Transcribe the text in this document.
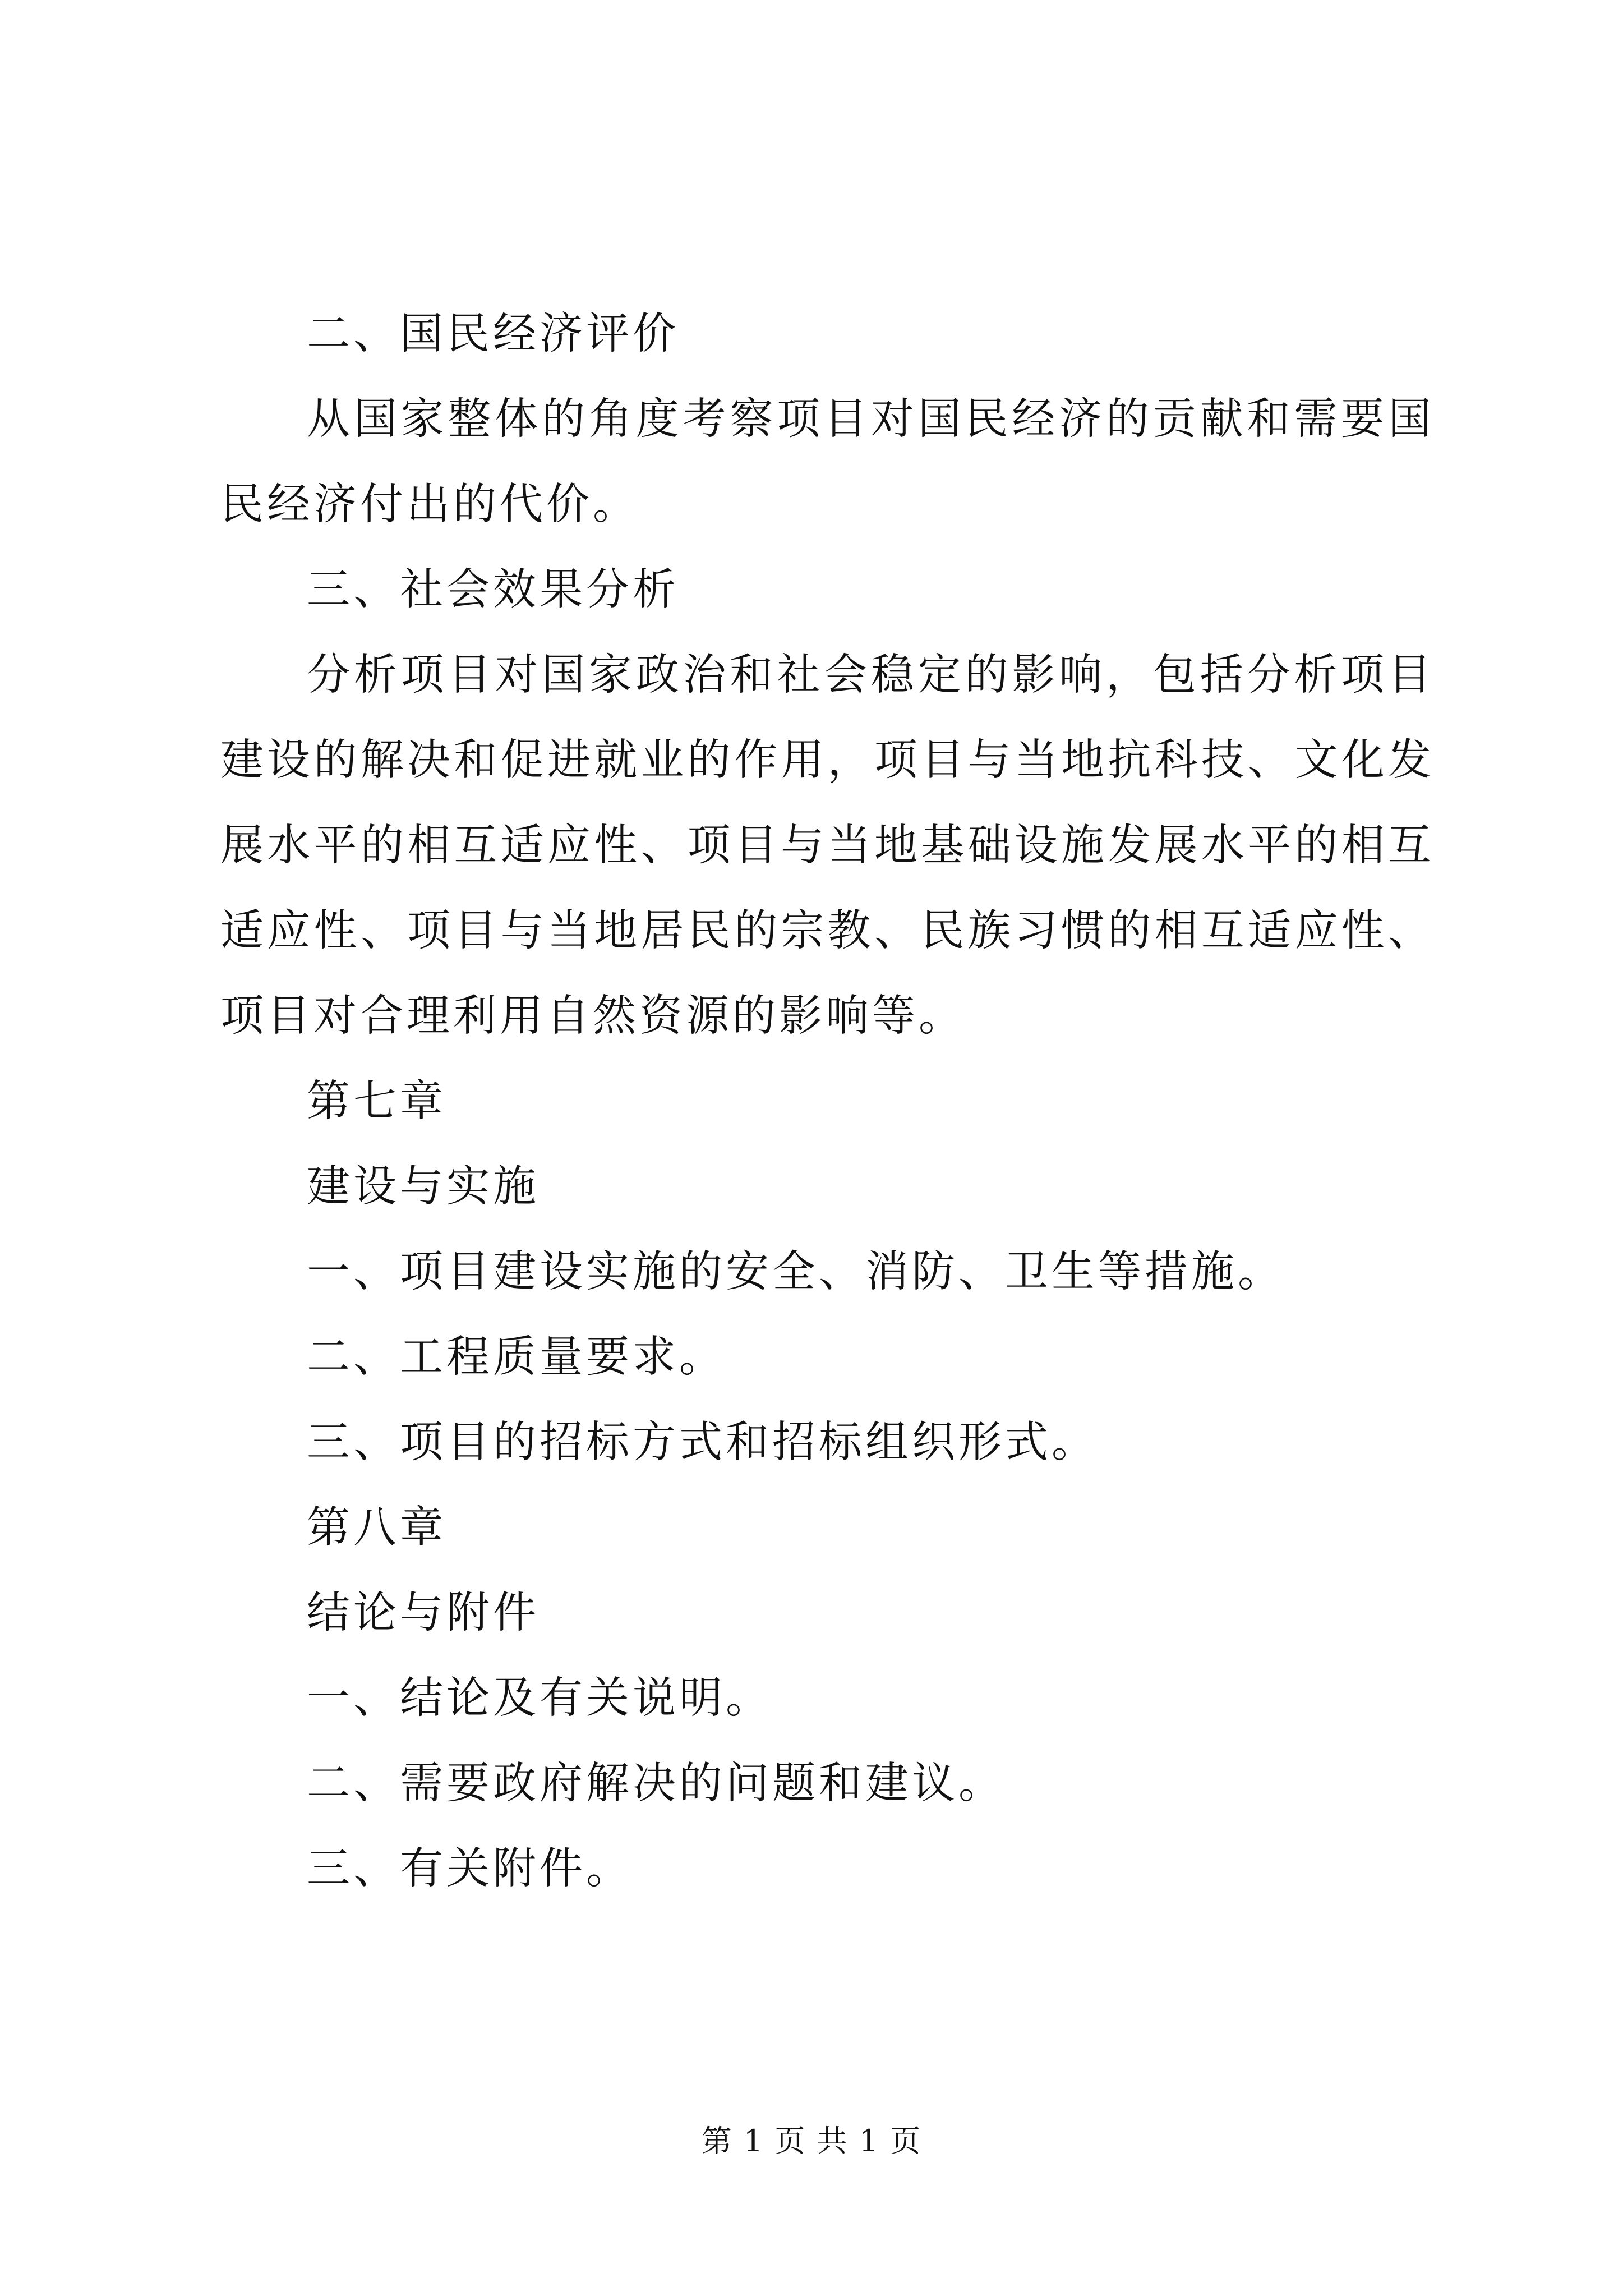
二、国民经济评价

从国家整体的角度考察项目对国民经济的贡献和需要国民经济付出的代价。

三、社会效果分析

分析项目对国家政治和社会稳定的影响，包括分析项目建设的解决和促进就业的作用，项目与当地抗科技、文化发展水平的相互适应性、项目与当地基础设施发展水平的相互适应性、项目与当地居民的宗教、民族习惯的相互适应性、项目对合理利用自然资源的影响等。

第七章

建设与实施

一、项目建设实施的安全、消防、卫生等措施。

二、工程质量要求。

三、项目的招标方式和招标组织形式。

第八章

结论与附件

一、结论及有关说明。

二、需要政府解决的问题和建议。

三、有关附件。

第 1 页 共 1 页
